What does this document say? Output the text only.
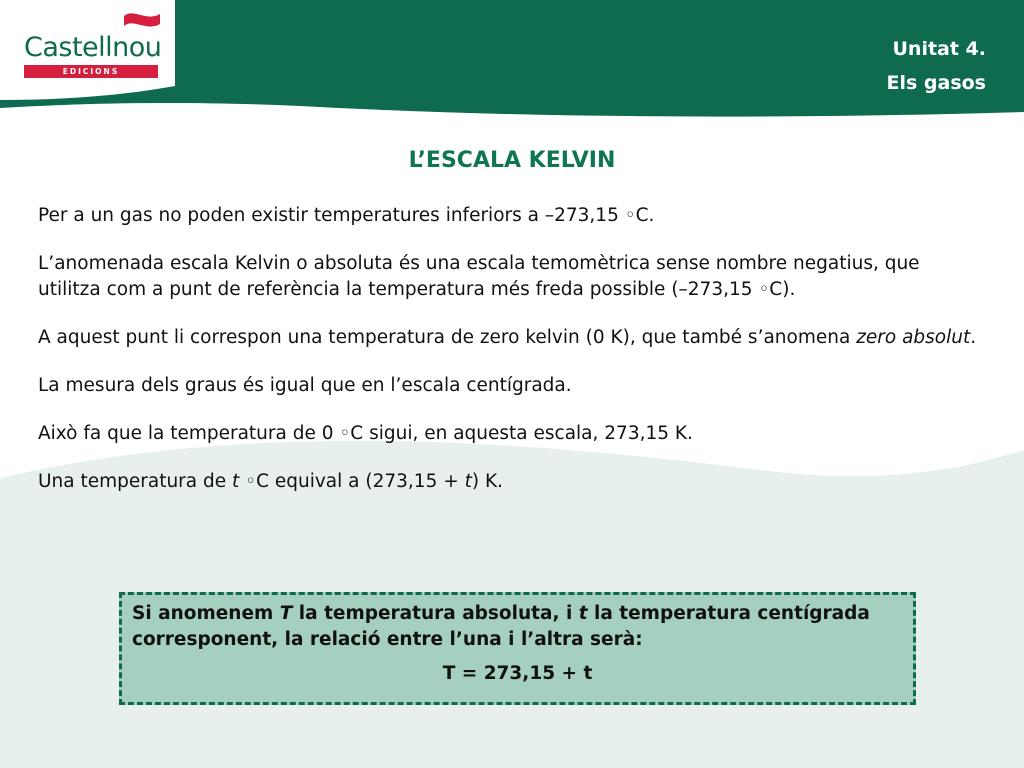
Castellnou
EDICIONS
Unitat 4.
Els gasos
L’ESCALA KELVIN

Per a un gas no poden existir temperatures inferiors a –273,15 ◦C.

L’anomenada escala Kelvin o absoluta és una escala temomètrica sense nombre negatius, que utilitza com a punt de referència la temperatura més freda possible (–273,15 ◦C).

A aquest punt li correspon una temperatura de zero kelvin (0 K), que també s’anomena zero absolut.

La mesura dels graus és igual que en l’escala centígrada.

Això fa que la temperatura de 0 ◦C sigui, en aquesta escala, 273,15 K.

Una temperatura de t ◦C equival a (273,15 + t) K.

Si anomenem T la temperatura absoluta, i t la temperatura centígrada corresponent, la relació entre l’una i l’altra serà:
T = 273,15 + t
